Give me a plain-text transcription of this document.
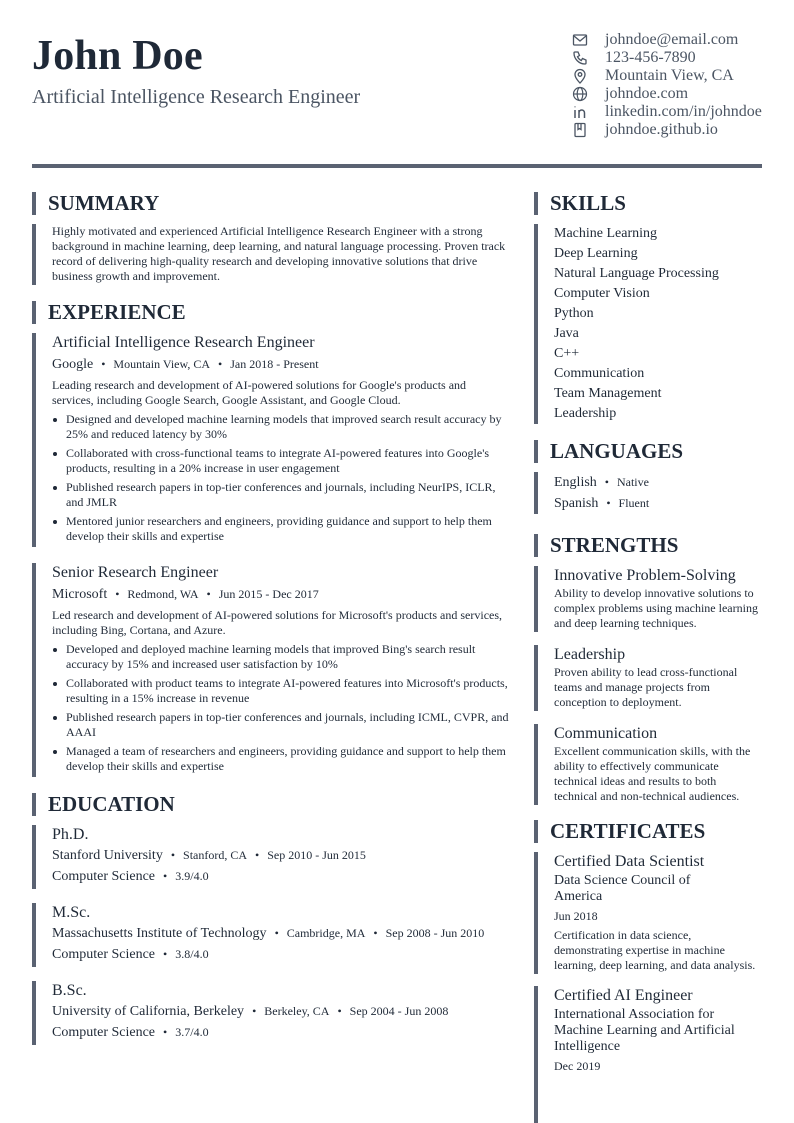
John Doe
Artificial Intelligence Research Engineer
johndoe@email.com
123-456-7890
Mountain View, CA
johndoe.com
linkedin.com/in/johndoe
johndoe.github.io
SUMMARY
Highly motivated and experienced Artificial Intelligence Research Engineer with a strong background in machine learning, deep learning, and natural language processing. Proven track record of delivering high-quality research and developing innovative solutions that drive business growth and improvement.
EXPERIENCE
Artificial Intelligence Research Engineer
Google • Mountain View, CA • Jan 2018 - Present
Leading research and development of AI-powered solutions for Google's products and services, including Google Search, Google Assistant, and Google Cloud.
Designed and developed machine learning models that improved search result accuracy by 25% and reduced latency by 30%
Collaborated with cross-functional teams to integrate AI-powered features into Google's products, resulting in a 20% increase in user engagement
Published research papers in top-tier conferences and journals, including NeurIPS, ICLR, and JMLR
Mentored junior researchers and engineers, providing guidance and support to help them develop their skills and expertise
Senior Research Engineer
Microsoft • Redmond, WA • Jun 2015 - Dec 2017
Led research and development of AI-powered solutions for Microsoft's products and services, including Bing, Cortana, and Azure.
Developed and deployed machine learning models that improved Bing's search result accuracy by 15% and increased user satisfaction by 10%
Collaborated with product teams to integrate AI-powered features into Microsoft's products, resulting in a 15% increase in revenue
Published research papers in top-tier conferences and journals, including ICML, CVPR, and AAAI
Managed a team of researchers and engineers, providing guidance and support to help them develop their skills and expertise
EDUCATION
Ph.D.
Stanford University • Stanford, CA • Sep 2010 - Jun 2015
Computer Science • 3.9/4.0
M.Sc.
Massachusetts Institute of Technology • Cambridge, MA • Sep 2008 - Jun 2010
Computer Science • 3.8/4.0
B.Sc.
University of California, Berkeley • Berkeley, CA • Sep 2004 - Jun 2008
Computer Science • 3.7/4.0
SKILLS
Machine Learning
Deep Learning
Natural Language Processing
Computer Vision
Python
Java
C++
Communication
Team Management
Leadership
LANGUAGES
English • Native
Spanish • Fluent
STRENGTHS
Innovative Problem-Solving
Ability to develop innovative solutions to complex problems using machine learning and deep learning techniques.
Leadership
Proven ability to lead cross-functional teams and manage projects from conception to deployment.
Communication
Excellent communication skills, with the ability to effectively communicate technical ideas and results to both technical and non-technical audiences.
CERTIFICATES
Certified Data Scientist
Data Science Council of America
Jun 2018
Certification in data science, demonstrating expertise in machine learning, deep learning, and data analysis.
Certified AI Engineer
International Association for Machine Learning and Artificial Intelligence
Dec 2019
